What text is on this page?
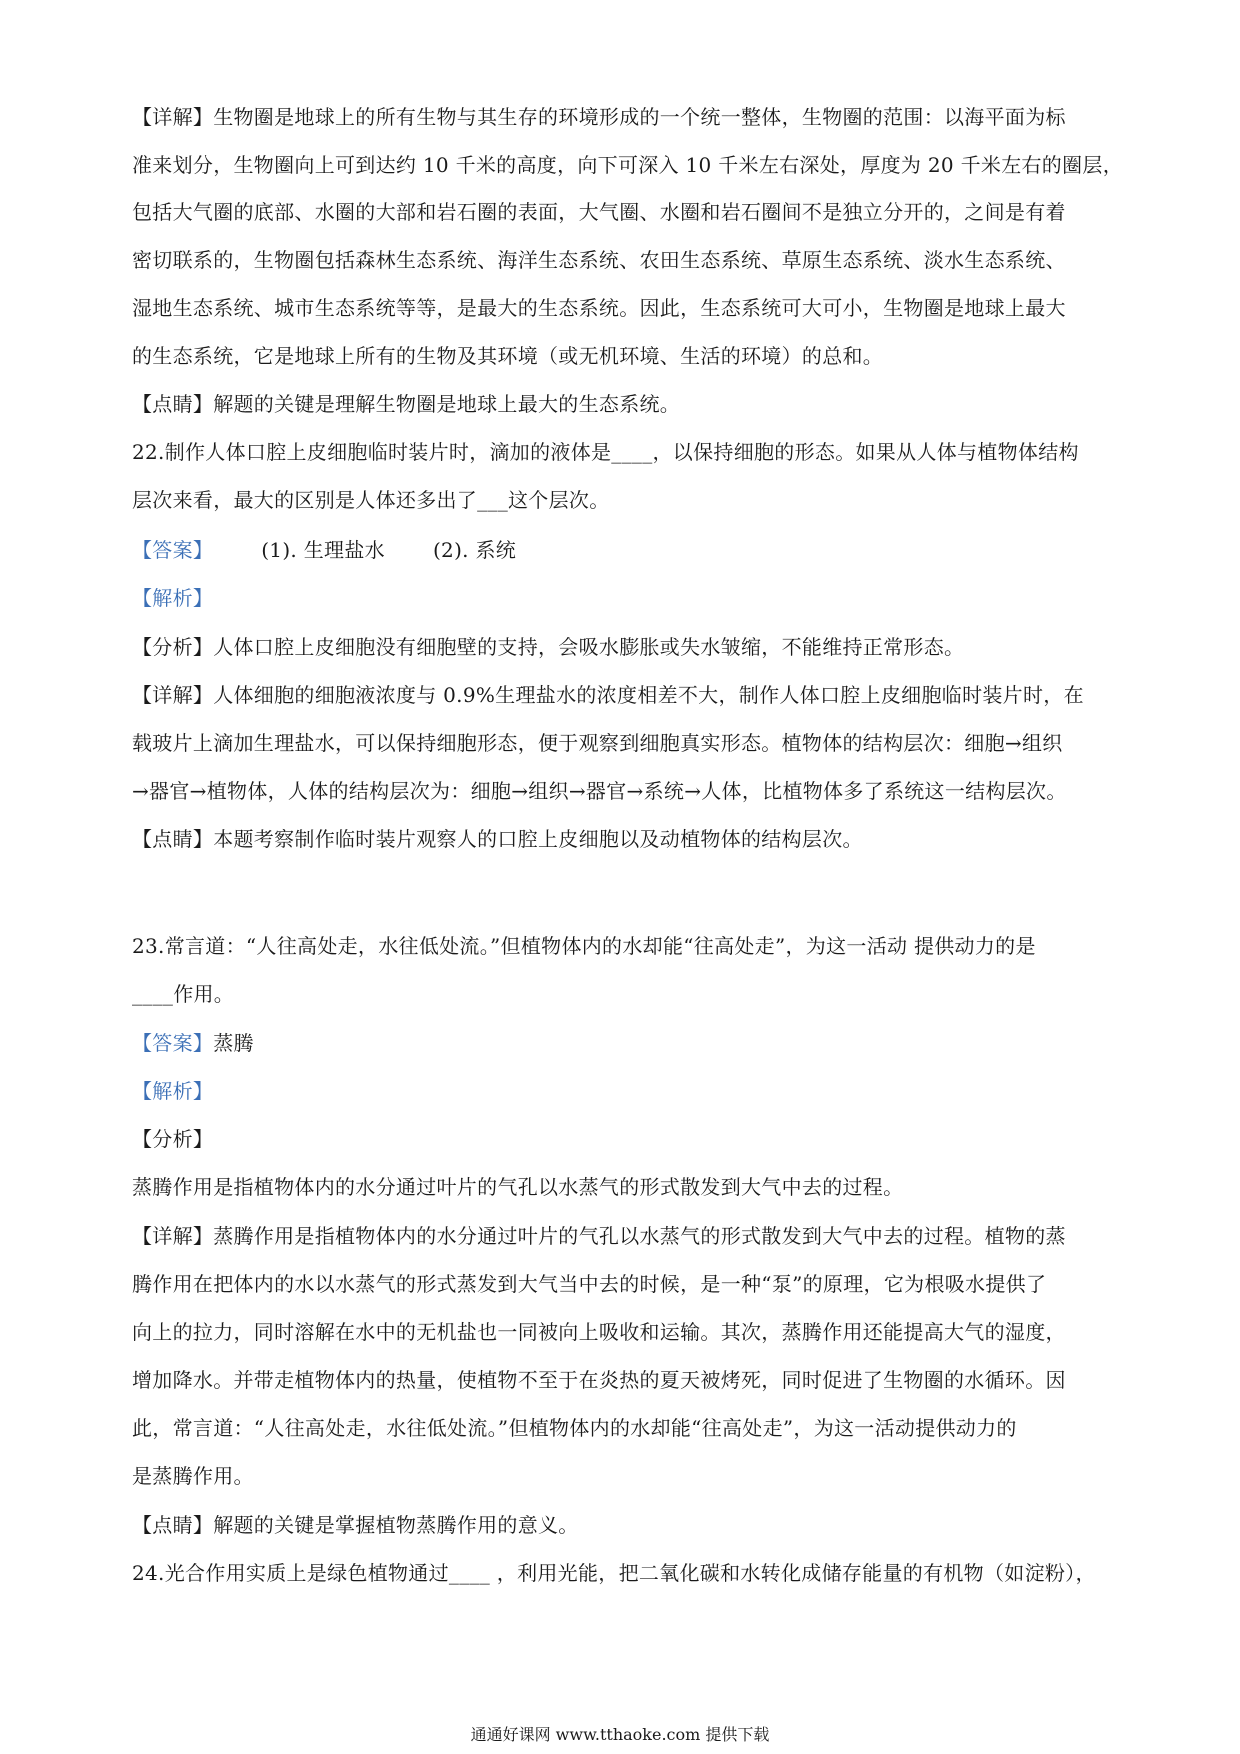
【详解】生物圈是地球上的所有生物与其生存的环境形成的一个统一整体，生物圈的范围：以海平面为标
准来划分，生物圈向上可到达约 10 千米的高度，向下可深入 10 千米左右深处，厚度为 20 千米左右的圈层，
包括大气圈的底部、水圈的大部和岩石圈的表面，大气圈、水圈和岩石圈间不是独立分开的，之间是有着
密切联系的，生物圈包括森林生态系统、海洋生态系统、农田生态系统、草原生态系统、淡水生态系统、
湿地生态系统、城市生态系统等等，是最大的生态系统。因此，生态系统可大可小，生物圈是地球上最大
的生态系统，它是地球上所有的生物及其环境（或无机环境、生活的环境）的总和。
【点睛】解题的关键是理解生物圈是地球上最大的生态系统。
22.制作人体口腔上皮细胞临时装片时，滴加的液体是____，以保持细胞的形态。如果从人体与植物体结构
层次来看，最大的区别是人体还多出了___这个层次。
【答案】 (1). 生理盐水 (2). 系统
【解析】
【分析】人体口腔上皮细胞没有细胞壁的支持，会吸水膨胀或失水皱缩，不能维持正常形态。
【详解】人体细胞的细胞液浓度与 0.9%生理盐水的浓度相差不大，制作人体口腔上皮细胞临时装片时，在
载玻片上滴加生理盐水，可以保持细胞形态，便于观察到细胞真实形态。植物体的结构层次：细胞→组织
→器官→植物体，人体的结构层次为：细胞→组织→器官→系统→人体，比植物体多了系统这一结构层次。
【点睛】本题考察制作临时装片观察人的口腔上皮细胞以及动植物体的结构层次。
23.常言道：“人往高处走，水往低处流。”但植物体内的水却能“往高处走”，为这一活动 提供动力的是
____作用。
【答案】蒸腾
【解析】
【分析】
蒸腾作用是指植物体内的水分通过叶片的气孔以水蒸气的形式散发到大气中去的过程。
【详解】蒸腾作用是指植物体内的水分通过叶片的气孔以水蒸气的形式散发到大气中去的过程。植物的蒸
腾作用在把体内的水以水蒸气的形式蒸发到大气当中去的时候，是一种“泵”的原理，它为根吸水提供了
向上的拉力，同时溶解在水中的无机盐也一同被向上吸收和运输。其次，蒸腾作用还能提高大气的湿度，
增加降水。并带走植物体内的热量，使植物不至于在炎热的夏天被烤死，同时促进了生物圈的水循环。因
此，常言道：“人往高处走，水往低处流。”但植物体内的水却能“往高处走”，为这一活动提供动力的
是蒸腾作用。
【点睛】解题的关键是掌握植物蒸腾作用的意义。
24.光合作用实质上是绿色植物通过____ ，利用光能，把二氧化碳和水转化成储存能量的有机物（如淀粉），
通通好课网 www.tthaoke.com 提供下载
